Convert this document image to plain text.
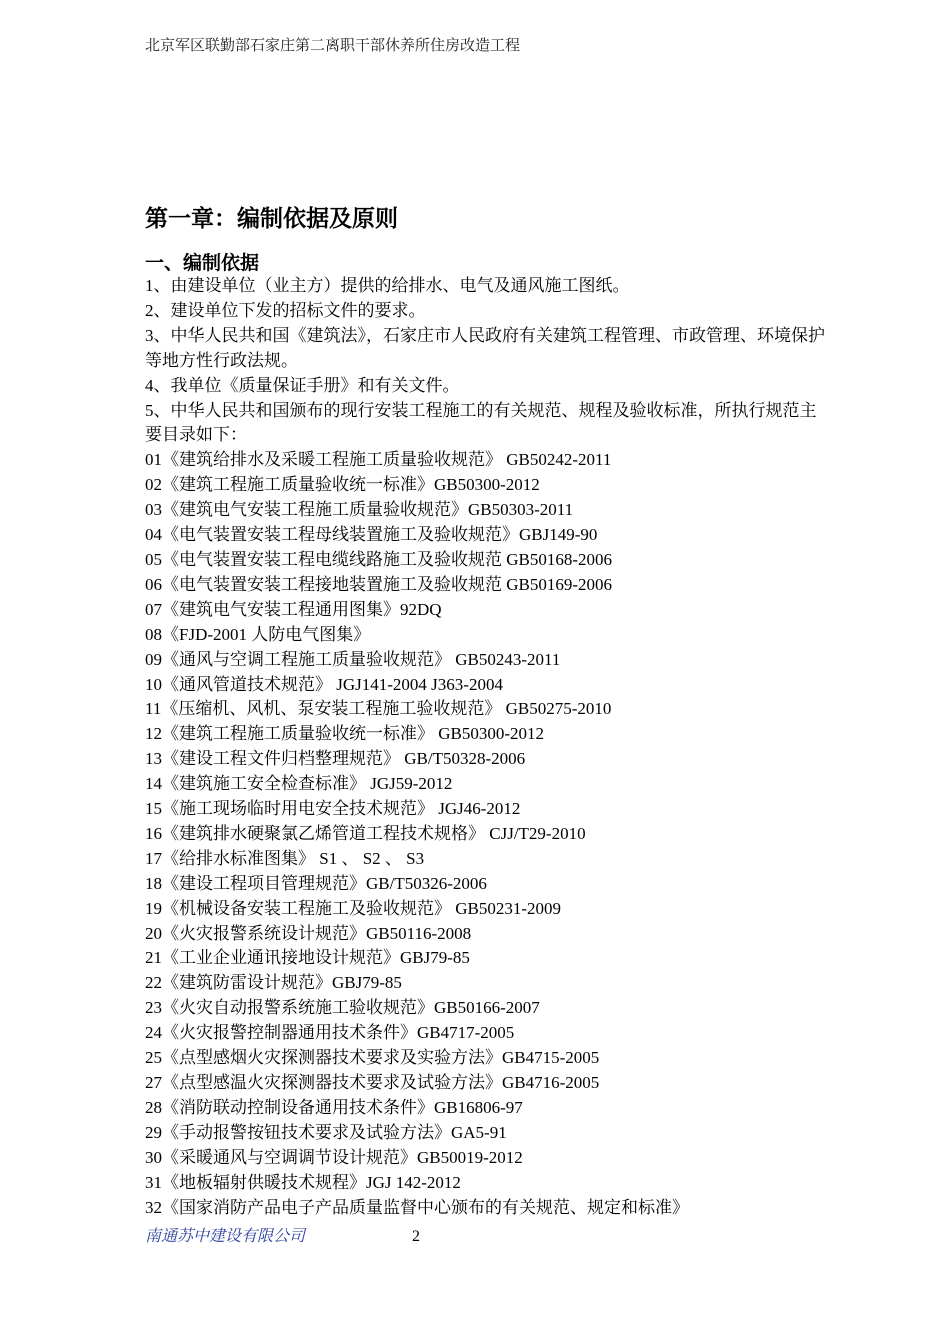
北京军区联勤部石家庄第二离职干部休养所住房改造工程
第一章：编制依据及原则
一、编制依据

1、由建设单位（业主方）提供的给排水、电气及通风施工图纸。

2、建设单位下发的招标文件的要求。

3、中华人民共和国《建筑法》，石家庄市人民政府有关建筑工程管理、市政管理、环境保护等地方性行政法规。

4、我单位《质量保证手册》和有关文件。

5、中华人民共和国颁布的现行安装工程施工的有关规范、规程及验收标准，所执行规范主要目录如下：

01《建筑给排水及采暖工程施工质量验收规范》 GB50242-2011
02《建筑工程施工质量验收统一标准》GB50300-2012
03《建筑电气安装工程施工质量验收规范》GB50303-2011
04《电气装置安装工程母线装置施工及验收规范》GBJ149-90
05《电气装置安装工程电缆线路施工及验收规范 GB50168-2006
06《电气装置安装工程接地装置施工及验收规范 GB50169-2006
07《建筑电气安装工程通用图集》92DQ
08《FJD-2001 人防电气图集》
09《通风与空调工程施工质量验收规范》 GB50243-2011
10《通风管道技术规范》 JGJ141-2004 J363-2004
11《压缩机、风机、泵安装工程施工验收规范》 GB50275-2010
12《建筑工程施工质量验收统一标准》 GB50300-2012
13《建设工程文件归档整理规范》 GB/T50328-2006
14《建筑施工安全检查标准》 JGJ59-2012
15《施工现场临时用电安全技术规范》 JGJ46-2012
16《建筑排水硬聚氯乙烯管道工程技术规格》 CJJ/T29-2010
17《给排水标准图集》 S1 、 S2 、 S3
18《建设工程项目管理规范》GB/T50326-2006
19《机械设备安装工程施工及验收规范》 GB50231-2009
20《火灾报警系统设计规范》GB50116-2008
21《工业企业通讯接地设计规范》GBJ79-85
22《建筑防雷设计规范》GBJ79-85
23《火灾自动报警系统施工验收规范》GB50166-2007
24《火灾报警控制器通用技术条件》GB4717-2005
25《点型感烟火灾探测器技术要求及实验方法》GB4715-2005
27《点型感温火灾探测器技术要求及试验方法》GB4716-2005
28《消防联动控制设备通用技术条件》GB16806-97
29《手动报警按钮技术要求及试验方法》GA5-91
30《采暖通风与空调调节设计规范》GB50019-2012
31《地板辐射供暖技术规程》JGJ 142-2012
32《国家消防产品电子产品质量监督中心颁布的有关规范、规定和标准》
南通苏中建设有限公司	2
